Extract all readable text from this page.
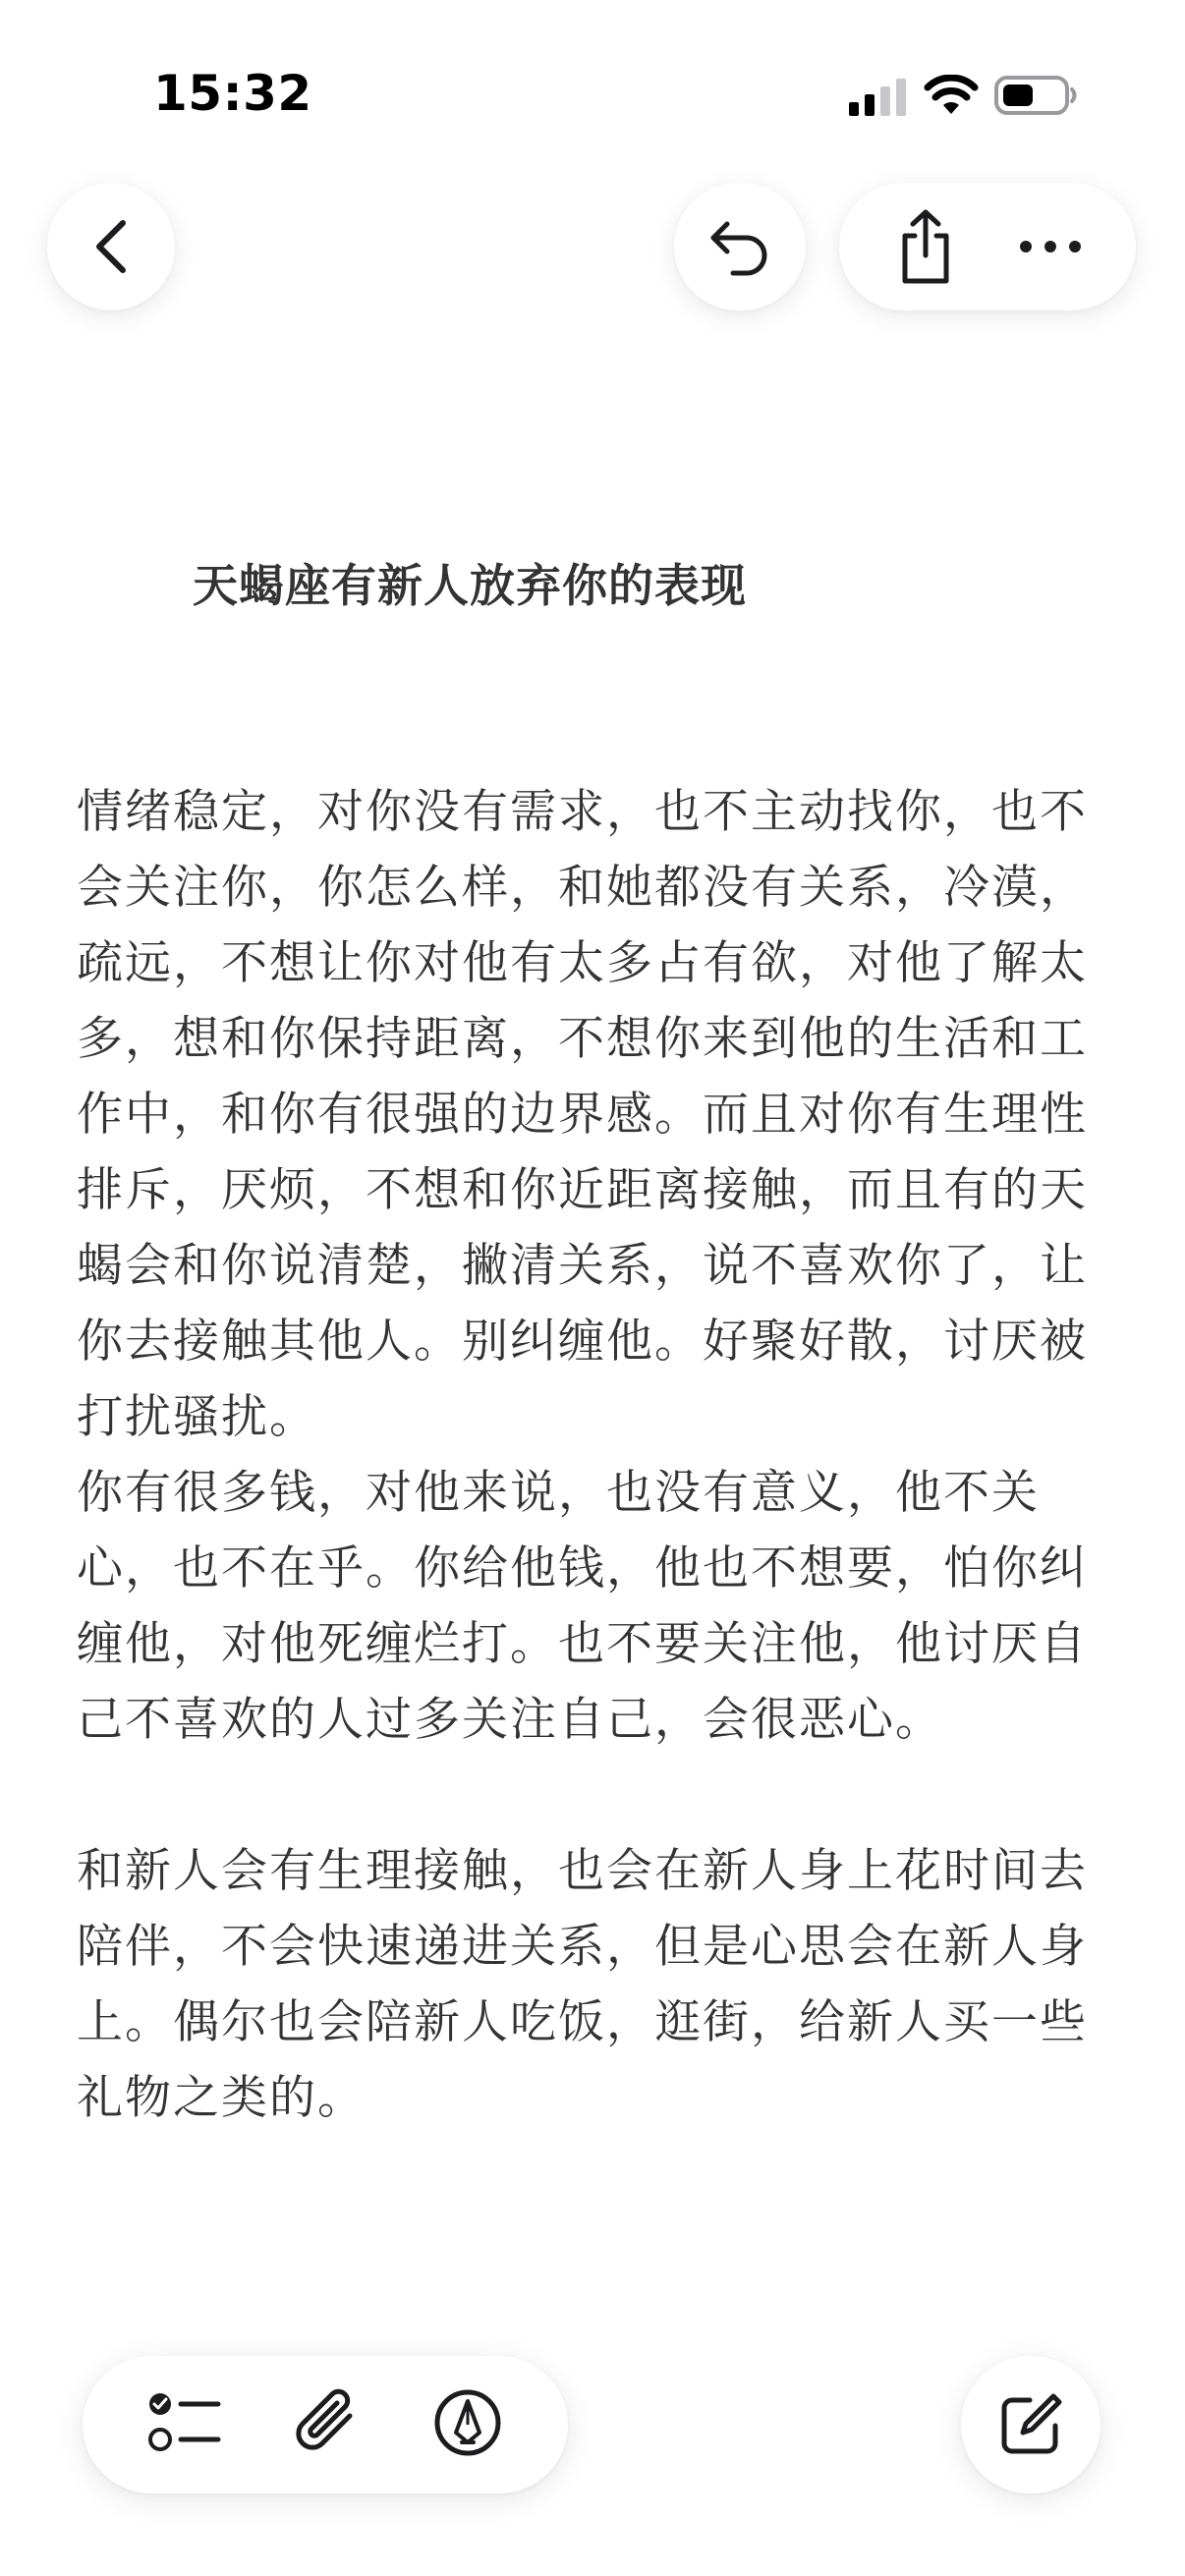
15:32
天蝎座有新人放弃你的表现

情绪稳定，对你没有需求，也不主动找你，也不会关注你，你怎么样，和她都没有关系，冷漠，疏远，不想让你对他有太多占有欲，对他了解太多，想和你保持距离，不想你来到他的生活和工作中，和你有很强的边界感。而且对你有生理性排斥，厌烦，不想和你近距离接触，而且有的天蝎会和你说清楚，撇清关系，说不喜欢你了，让你去接触其他人。别纠缠他。好聚好散，讨厌被打扰骚扰。

你有很多钱，对他来说，也没有意义，他不关心，也不在乎。你给他钱，他也不想要，怕你纠缠他，对他死缠烂打。也不要关注他，他讨厌自己不喜欢的人过多关注自己，会很恶心。

和新人会有生理接触，也会在新人身上花时间去陪伴，不会快速递进关系，但是心思会在新人身上。偶尔也会陪新人吃饭，逛街，给新人买一些礼物之类的。
